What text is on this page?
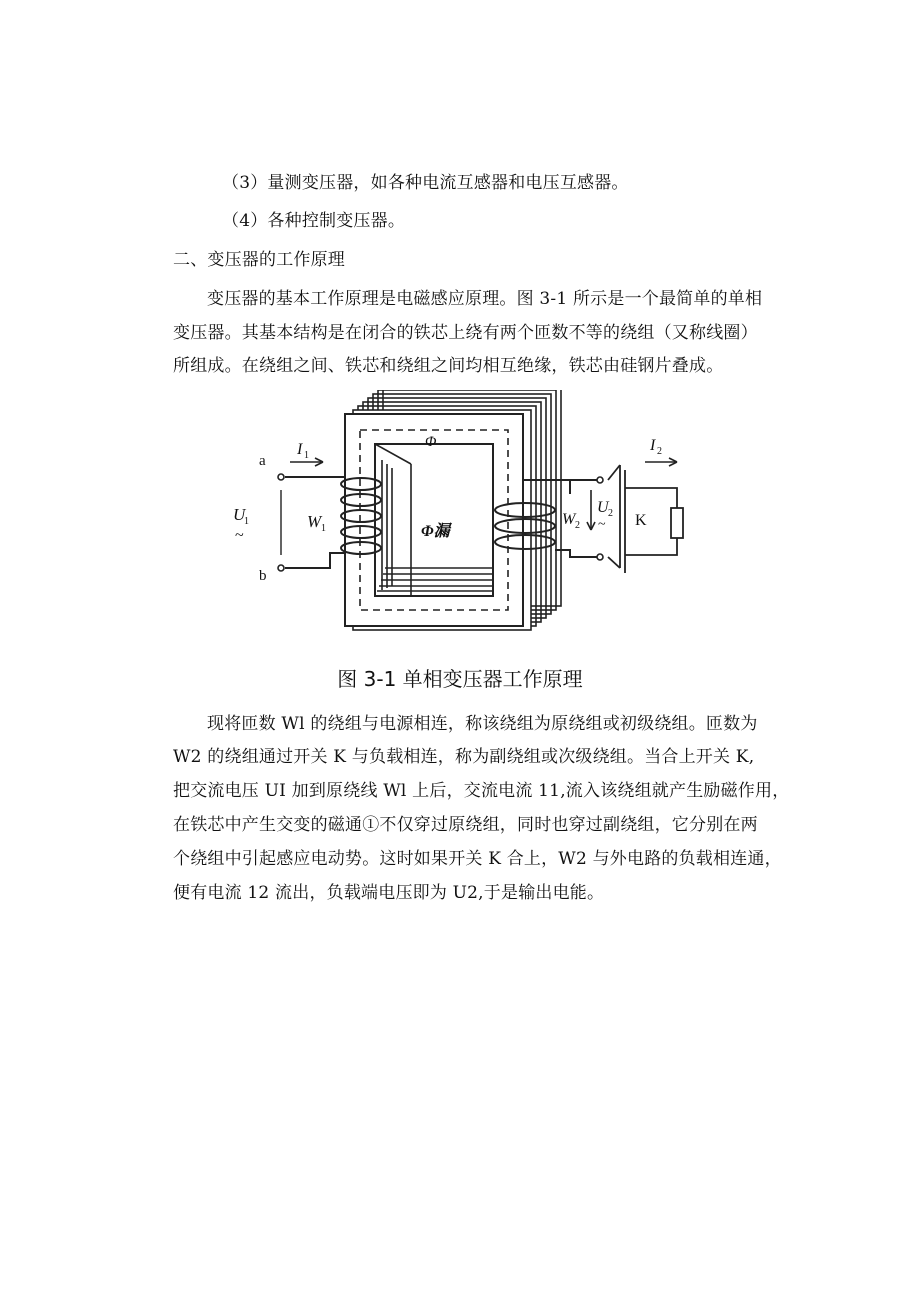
（3）量测变压器，如各种电流互感器和电压互感器。
（4）各种控制变压器。
二、变压器的工作原理
变压器的基本工作原理是电磁感应原理。图 3-1 所示是一个最简单的单相
变压器。其基本结构是在闭合的铁芯上绕有两个匝数不等的绕组（又称线圈）
所组成。在绕组之间、铁芯和绕组之间均相互绝缘，铁芯由硅钢片叠成。
a
b
I 1
U
1
~
W 1
Φ
Φ漏
W 2
U 2
~
I 2
K
图 3-1 单相变压器工作原理
现将匝数 Wl 的绕组与电源相连，称该绕组为原绕组或初级绕组。匝数为
W2 的绕组通过开关 K 与负载相连，称为副绕组或次级绕组。当合上开关 K,
把交流电压 UI 加到原绕线 Wl 上后，交流电流 11,流入该绕组就产生励磁作用，
在铁芯中产生交变的磁通①不仅穿过原绕组，同时也穿过副绕组，它分别在两
个绕组中引起感应电动势。这时如果开关 K 合上，W2 与外电路的负载相连通，
便有电流 12 流出，负载端电压即为 U2,于是输出电能。
